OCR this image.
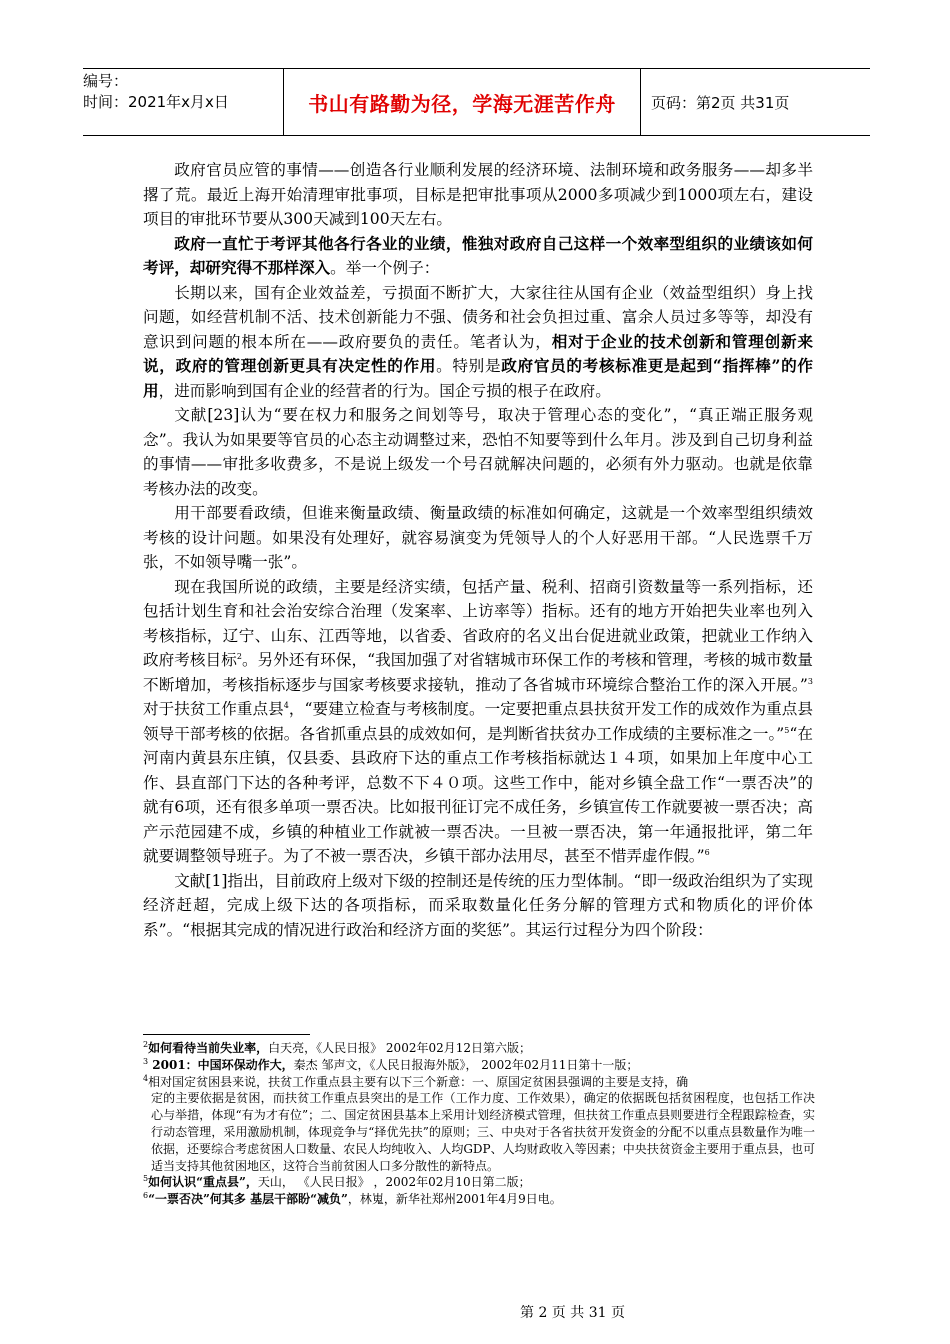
编号：
时间：2021年x月x日	书山有路勤为径，学海无涯苦作舟	页码：第2页 共31页

政府官员应管的事情——创造各行业顺利发展的经济环境、法制环境和政务服务——却多半撂了荒。最近上海开始清理审批事项，目标是把审批事项从2000多项减少到1000项左右，建设项目的审批环节要从300天减到100天左右。

政府一直忙于考评其他各行各业的业绩，惟独对政府自己这样一个效率型组织的业绩该如何考评，却研究得不那样深入。举一个例子：

长期以来，国有企业效益差，亏损面不断扩大，大家往往从国有企业（效益型组织）身上找问题，如经营机制不活、技术创新能力不强、债务和社会负担过重、富余人员过多等等，却没有意识到问题的根本所在——政府要负的责任。笔者认为，相对于企业的技术创新和管理创新来说，政府的管理创新更具有决定性的作用。特别是政府官员的考核标准更是起到“指挥棒”的作用，进而影响到国有企业的经营者的行为。国企亏损的根子在政府。

文献[23]认为“要在权力和服务之间划等号，取决于管理心态的变化”，“真正端正服务观念”。我认为如果要等官员的心态主动调整过来，恐怕不知要等到什么年月。涉及到自己切身利益的事情——审批多收费多，不是说上级发一个号召就解决问题的，必须有外力驱动。也就是依靠考核办法的改变。

用干部要看政绩，但谁来衡量政绩、衡量政绩的标准如何确定，这就是一个效率型组织绩效考核的设计问题。如果没有处理好，就容易演变为凭领导人的个人好恶用干部。“人民选票千万张，不如领导嘴一张”。

现在我国所说的政绩，主要是经济实绩，包括产量、税利、招商引资数量等一系列指标，还包括计划生育和社会治安综合治理（发案率、上访率等）指标。还有的地方开始把失业率也列入考核指标，辽宁、山东、江西等地，以省委、省政府的名义出台促进就业政策，把就业工作纳入政府考核目标$^2$。另外还有环保，“我国加强了对省辖城市环保工作的考核和管理，考核的城市数量不断增加，考核指标逐步与国家考核要求接轨，推动了各省城市环境综合整治工作的深入开展。”$^3$对于扶贫工作重点县$^4$，“要建立检查与考核制度。一定要把重点县扶贫开发工作的成效作为重点县领导干部考核的依据。各省抓重点县的成效如何，是判断省扶贫办工作成绩的主要标准之一。”$^5$“在河南内黄县东庄镇，仅县委、县政府下达的重点工作考核指标就达１４项，如果加上年度中心工作、县直部门下达的各种考评，总数不下４０项。这些工作中，能对乡镇全盘工作“一票否决”的就有6项，还有很多单项一票否决。比如报刊征订完不成任务，乡镇宣传工作就要被一票否决；高产示范园建不成，乡镇的种植业工作就被一票否决。一旦被一票否决，第一年通报批评，第二年就要调整领导班子。为了不被一票否决，乡镇干部办法用尽，甚至不惜弄虚作假。”$^6$

文献[1]指出，目前政府上级对下级的控制还是传统的压力型体制。“即一级政治组织为了实现经济赶超，完成上级下达的各项指标，而采取数量化任务分解的管理方式和物质化的评价体系”。“根据其完成的情况进行政治和经济方面的奖惩”。其运行过程分为四个阶段：

$^2$如何看待当前失业率，白天亮，《人民日报》 2002年02月12日第六版；

$^3$ 2001：中国环保动作大，秦杰 邹声文，《人民日报海外版》， 2002年02月11日第十一版；

$^4$相对国定贫困县来说，扶贫工作重点县主要有以下三个新意：一、原国定贫困县强调的主要是支持，确

定的主要依据是贫困，而扶贫工作重点县突出的是工作（工作力度、工作效果），确定的依据既包括贫困程度，也包括工作决心与举措，体现“有为才有位”；二、国定贫困县基本上采用计划经济模式管理，但扶贫工作重点县则要进行全程跟踪检查，实行动态管理，采用激励机制，体现竞争与“择优先扶”的原则；三、中央对于各省扶贫开发资金的分配不以重点县数量作为唯一依据，还要综合考虑贫困人口数量、农民人均纯收入、人均GDP、人均财政收入等因素；中央扶贫资金主要用于重点县，也可适当支持其他贫困地区，这符合当前贫困人口多分散性的新特点。

$^5$如何认识“重点县”，天山， 《人民日报》 ，2002年02月10日第二版；

$^6$“一票否决”何其多 基层干部盼“减负”，林嵬，新华社郑州2001年4月9日电。

第 2 页 共 31 页
